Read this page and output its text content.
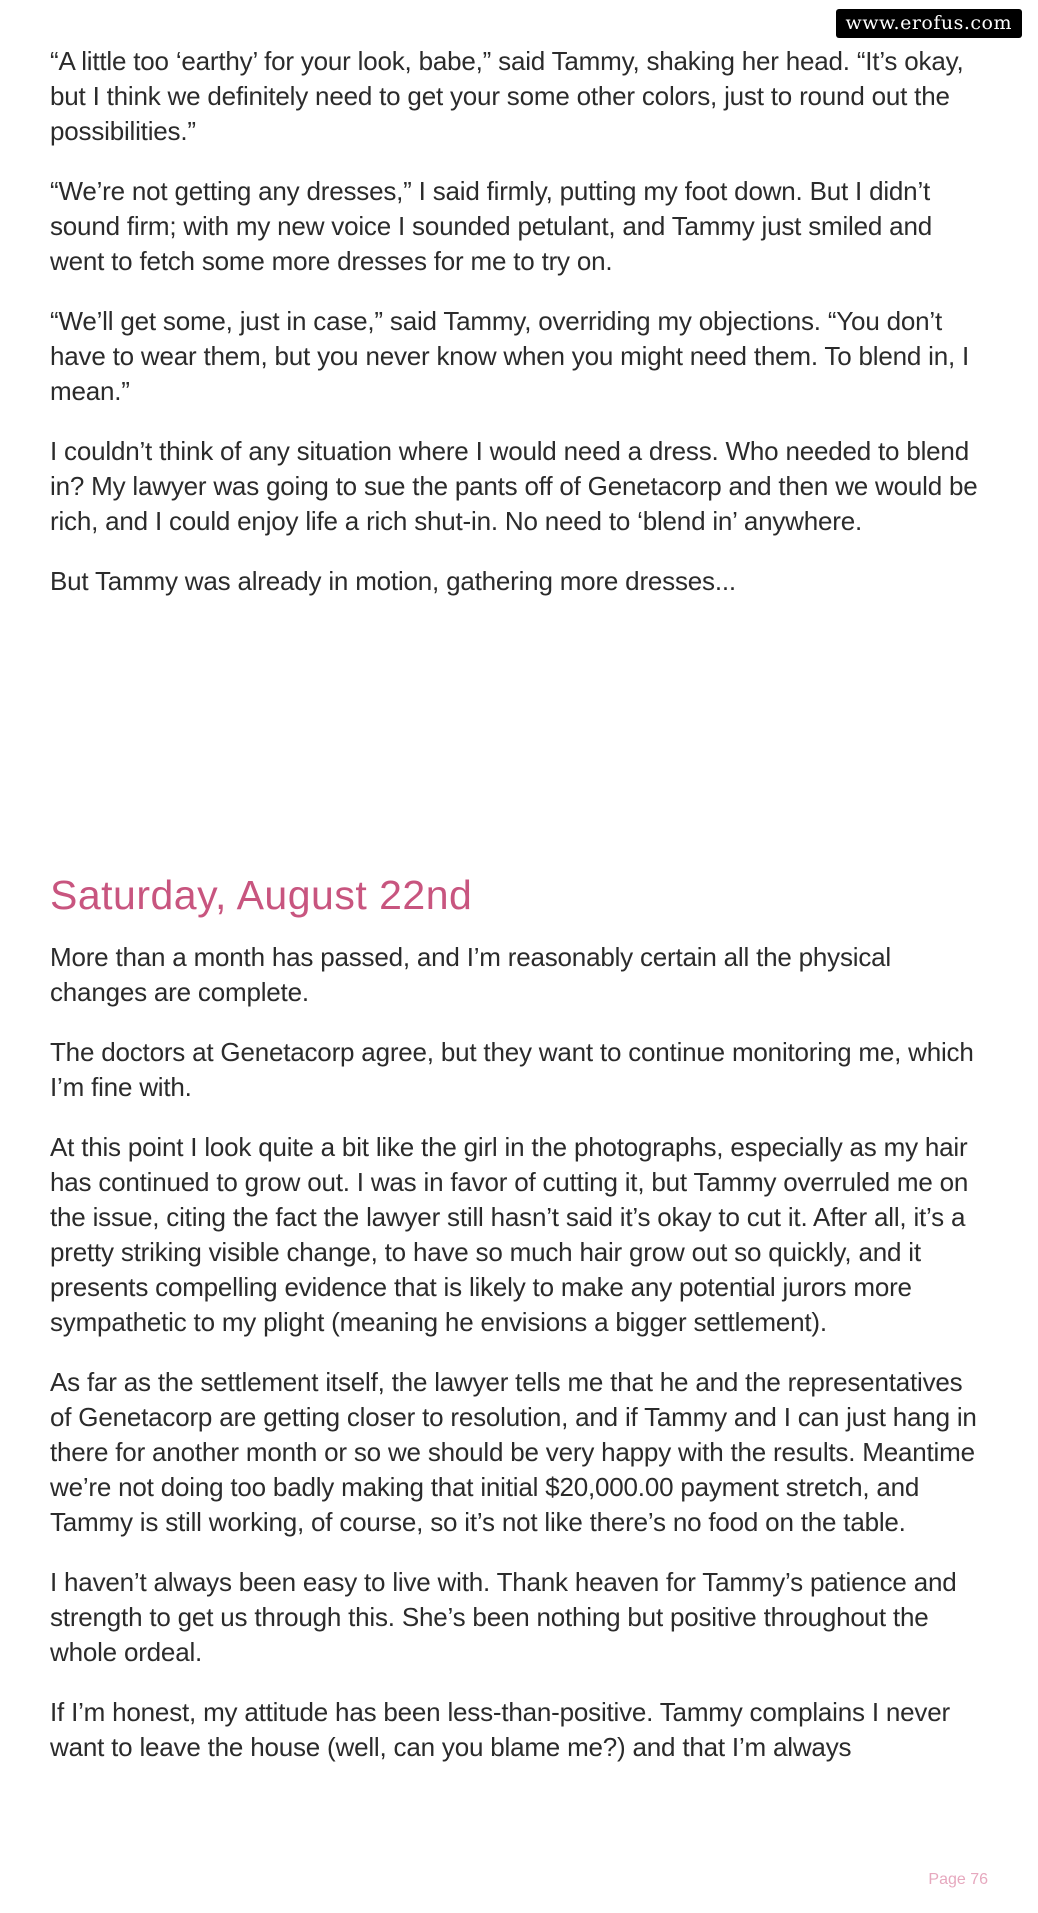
www.erofus.com

“A little too ‘earthy’ for your look, babe,” said Tammy, shaking her head. “It’s okay, but I think we definitely need to get your some other colors, just to round out the possibilities.”

“We’re not getting any dresses,” I said firmly, putting my foot down. But I didn’t sound firm; with my new voice I sounded petulant, and Tammy just smiled and went to fetch some more dresses for me to try on.

“We’ll get some, just in case,” said Tammy, overriding my objections. “You don’t have to wear them, but you never know when you might need them. To blend in, I mean.”

I couldn’t think of any situation where I would need a dress. Who needed to blend in? My lawyer was going to sue the pants off of Genetacorp and then we would be rich, and I could enjoy life a rich shut-in. No need to ‘blend in’ anywhere.

But Tammy was already in motion, gathering more dresses...

Saturday, August 22nd

More than a month has passed, and I’m reasonably certain all the physical changes are complete.

The doctors at Genetacorp agree, but they want to continue monitoring me, which I’m fine with.

At this point I look quite a bit like the girl in the photographs, especially as my hair has continued to grow out. I was in favor of cutting it, but Tammy overruled me on the issue, citing the fact the lawyer still hasn’t said it’s okay to cut it. After all, it’s a pretty striking visible change, to have so much hair grow out so quickly, and it presents compelling evidence that is likely to make any potential jurors more sympathetic to my plight (meaning he envisions a bigger settlement).

As far as the settlement itself, the lawyer tells me that he and the representatives of Genetacorp are getting closer to resolution, and if Tammy and I can just hang in there for another month or so we should be very happy with the results. Meantime we’re not doing too badly making that initial $20,000.00 payment stretch, and Tammy is still working, of course, so it’s not like there’s no food on the table.

I haven’t always been easy to live with. Thank heaven for Tammy’s patience and strength to get us through this. She’s been nothing but positive throughout the whole ordeal.

If I’m honest, my attitude has been less-than-positive. Tammy complains I never want to leave the house (well, can you blame me?) and that I’m always

Page 76
